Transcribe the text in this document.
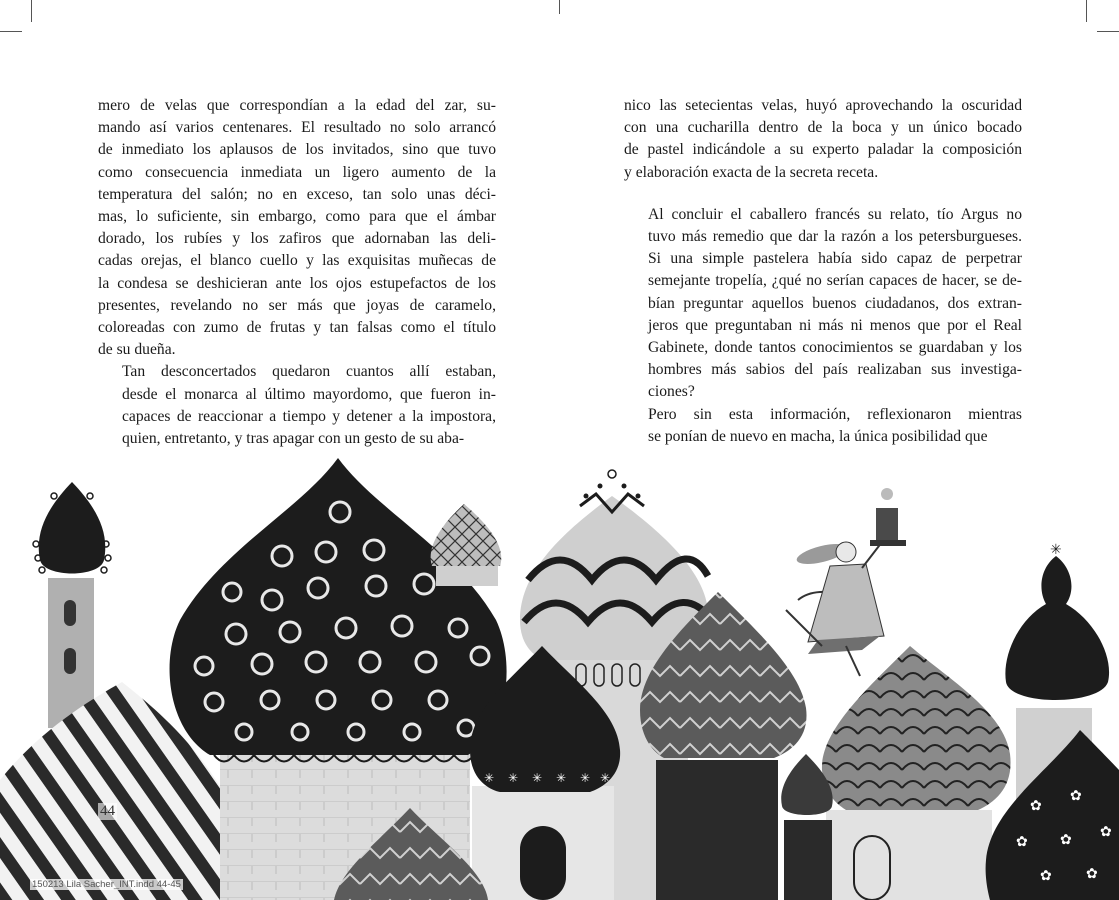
✳ ✳ ✳ ✳ ✳ ✳
✳
✿
✿
✿ ✿ ✿
✿ ✿

mero de velas que correspondían a la edad del zar, su-
mando así varios centenares. El resultado no solo arrancó
de inmediato los aplausos de los invitados, sino que tuvo
como consecuencia inmediata un ligero aumento de la
temperatura del salón; no en exceso, tan solo unas déci-
mas, lo suficiente, sin embargo, como para que el ámbar
dorado, los rubíes y los zafiros que adornaban las deli-
cadas orejas, el blanco cuello y las exquisitas muñecas de
la condesa se deshicieran ante los ojos estupefactos de los
presentes, revelando no ser más que joyas de caramelo,
coloreadas con zumo de frutas y tan falsas como el título
de su dueña.

Tan desconcertados quedaron cuantos allí estaban,
desde el monarca al último mayordomo, que fueron in-
capaces de reaccionar a tiempo y detener a la impostora,
quien, entretanto, y tras apagar con un gesto de su aba-

nico las setecientas velas, huyó aprovechando la oscuridad
con una cucharilla dentro de la boca y un único bocado
de pastel indicándole a su experto paladar la composición
y elaboración exacta de la secreta receta.

Al concluir el caballero francés su relato, tío Argus no
tuvo más remedio que dar la razón a los petersburgueses.
Si una simple pastelera había sido capaz de perpetrar
semejante tropelía, ¿qué no serían capaces de hacer, se de-
bían preguntar aquellos buenos ciudadanos, dos extran-
jeros que preguntaban ni más ni menos que por el Real
Gabinete, donde tantos conocimientos se guardaban y los
hombres más sabios del país realizaban sus investiga-
ciones?

Pero sin esta información, reflexionaron mientras
se ponían de nuevo en macha, la única posibilidad que

44
150213 Lila Sacher_INT.indd 44-45
